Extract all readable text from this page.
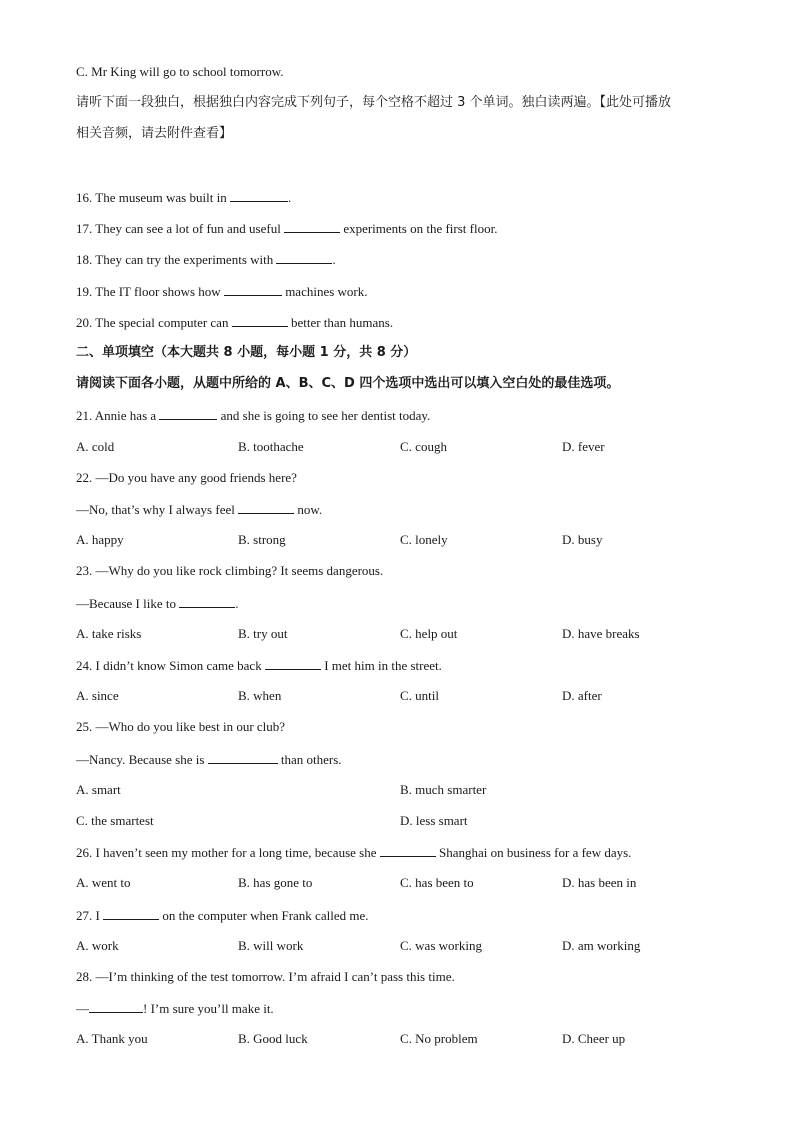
C. Mr King will go to school tomorrow.
请听下面一段独白，根据独白内容完成下列句子，每个空格不超过 3 个单词。独白读两遍。【此处可播放
相关音频，请去附件查看】
16. The museum was built in	.
17. They can see a lot of fun and useful	experiments on the first floor.
18. They can try the experiments with	.
19. The IT floor shows how	machines work.
20. The special computer can	better than humans.
二、单项填空（本大题共 8 小题，每小题 1 分，共 8 分）
请阅读下面各小题，从题中所给的 A、B、C、D 四个选项中选出可以填入空白处的最佳选项。
21. Annie has a	and she is going to see her dentist today.
A. cold	B. toothache	C. cough	D. fever
22. —Do you have any good friends here?
—No, that’s why I always feel	now.
A. happy	B. strong	C. lonely	D. busy
23. —Why do you like rock climbing? It seems dangerous.
—Because I like to	.
A. take risks	B. try out	C. help out	D. have breaks
24. I didn’t know Simon came back	I met him in the street.
A. since	B. when	C. until	D. after
25. —Who do you like best in our club?
—Nancy. Because she is	than others.
A. smart	B. much smarter
C. the smartest	D. less smart
26. I haven’t seen my mother for a long time, because she	Shanghai on business for a few days.
A. went to	B. has gone to	C. has been to	D. has been in
27. I	on the computer when Frank called me.
A. work	B. will work	C. was working	D. am working
28. —I’m thinking of the test tomorrow. I’m afraid I can’t pass this time.
—	! I’m sure you’ll make it.
A. Thank you	B. Good luck	C. No problem	D. Cheer up
